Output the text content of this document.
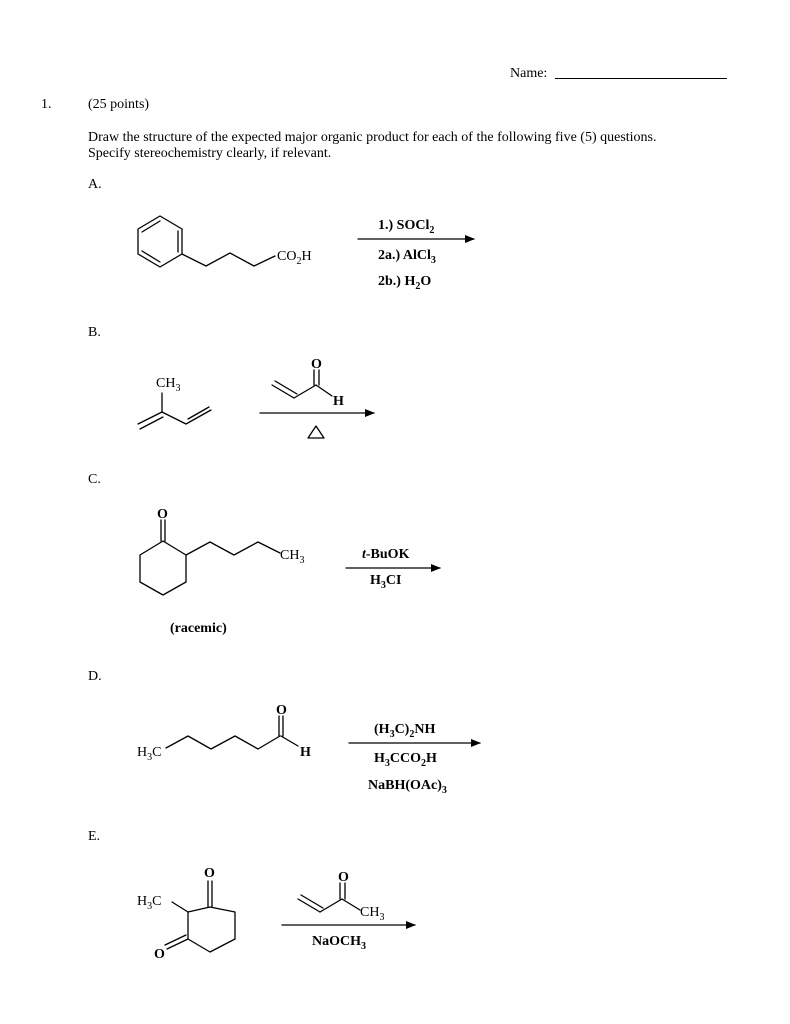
Name:
1.	(25 points)
Draw the structure of the expected major organic product for each of the following five (5) questions.
Specify stereochemistry clearly, if relevant.
A.
B.
C.
D.
E.
$CO_2H$
1.) SOCl$_2$
2a.) AlCl$_3$
2b.) $H_2O$
$CH_3$
O
H
O
$CH_3$
(racemic)
t-BuOK
$H_3CI$
$H_3C$
O
H
$(H_3C)_2NH$
$H_3CCO_2H$
$NaBH(OAc)_3$
$H_3C$
O
O
O
$CH_3$
NaOCH$_3$
